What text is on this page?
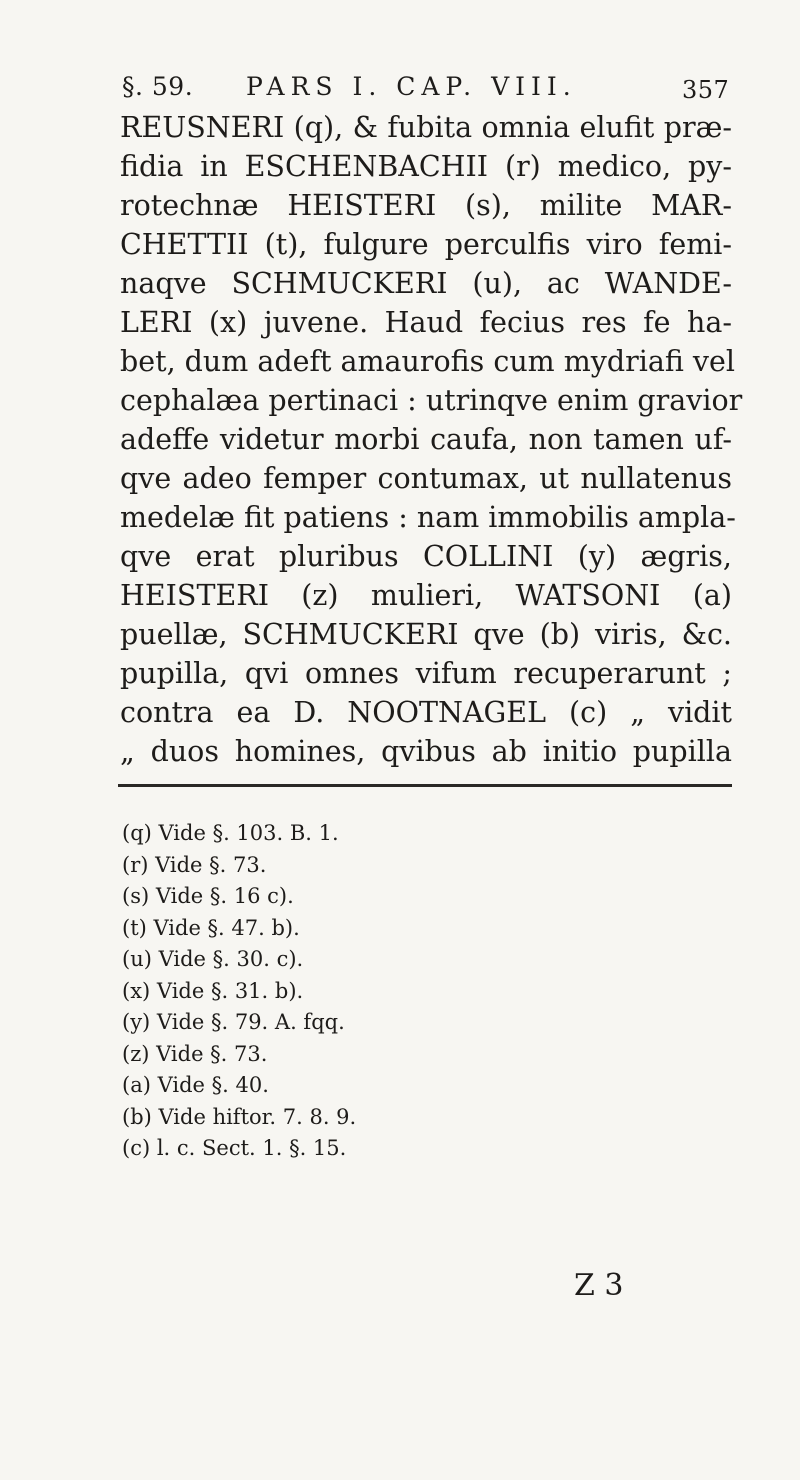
§. 59. PARS I. CAP. VIII.	357
REUSNERI (q), & fubita omnia elufit præ-
fidia in ESCHENBACHII (r) medico, py-
rotechnæ HEISTERI (s), milite MAR-
CHETTII (t), fulgure perculfis viro femi-
naqve SCHMUCKERI (u), ac WANDE-
LERI (x) juvene. Haud fecius res fe ha-
bet, dum adeft amaurofis cum mydriafi vel
cephalæa pertinaci : utrinqve enim gravior
adeffe videtur morbi caufa, non tamen uf-
qve adeo femper contumax, ut nullatenus
medelæ fit patiens : nam immobilis ampla-
qve erat pluribus COLLINI (y) ægris,
HEISTERI (z) mulieri, WATSONI (a)
puellæ, SCHMUCKERI qve (b) viris, &c.
pupilla, qvi omnes vifum recuperarunt ;
contra ea D. NOOTNAGEL (c) „ vidit
„ duos homines, qvibus ab initio pupilla
(q) Vide §. 103. B. 1.
(r) Vide §. 73.
(s) Vide §. 16 c).
(t) Vide §. 47. b).
(u) Vide §. 30. c).
(x) Vide §. 31. b).
(y) Vide §. 79. A. fqq.
(z) Vide §. 73.
(a) Vide §. 40.
(b) Vide hiftor. 7. 8. 9.
(c) l. c. Sect. 1. §. 15.
Z 3
